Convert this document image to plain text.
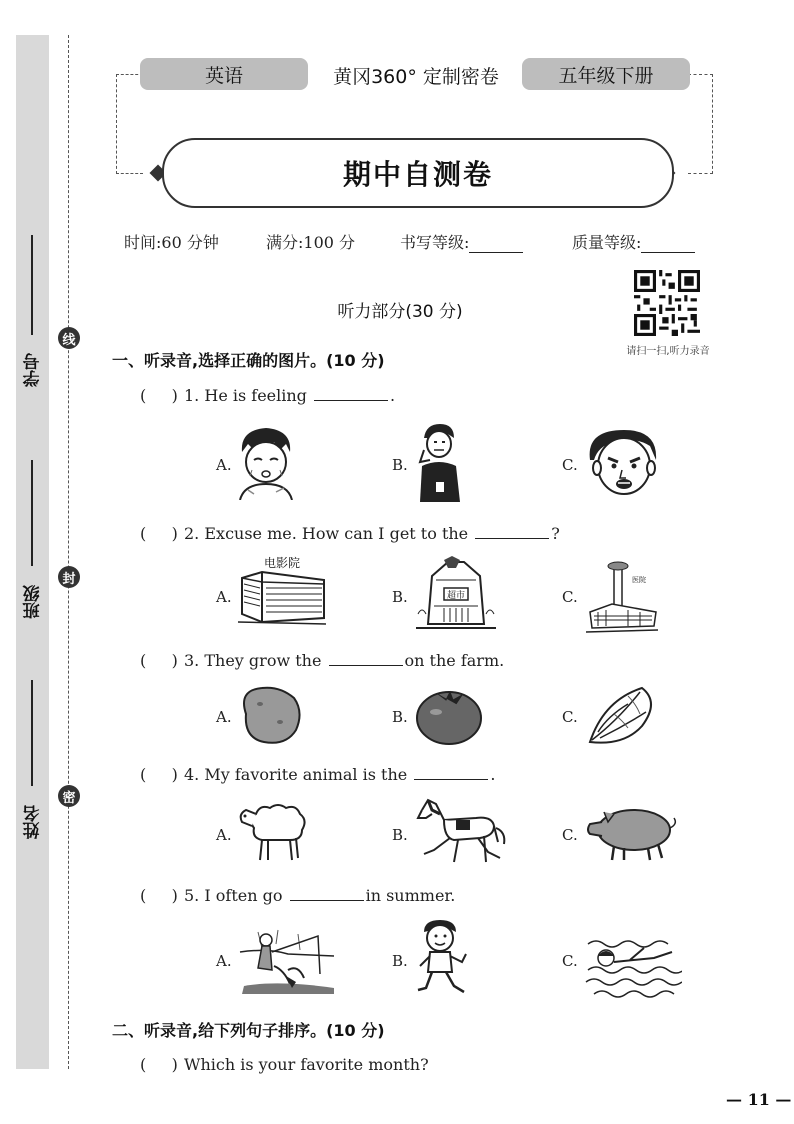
学号
班级
姓名
线
封
密
英语	黄冈360° 定制密卷	五年级下册
期中自测卷
时间:60 分钟	满分:100 分	书写等级:	质量等级:
听力部分(30 分)
请扫一扫,听力录音
一、听录音,选择正确的图片。(10 分)
(     ) 1. He is feeling	.
A.	B.	C.
(     ) 2. Excuse me. How can I get to the	?
A.
电影院
B.	超市	C.
医院
(     ) 3. They grow the	on the farm.
A.	B.	C.
(     ) 4. My favorite animal is the	.
A.	B.	C.
(     ) 5. I often go	in summer.
A.	B.	C.
二、听录音,给下列句子排序。(10 分)
(     ) Which is your favorite month?
— 11 —
